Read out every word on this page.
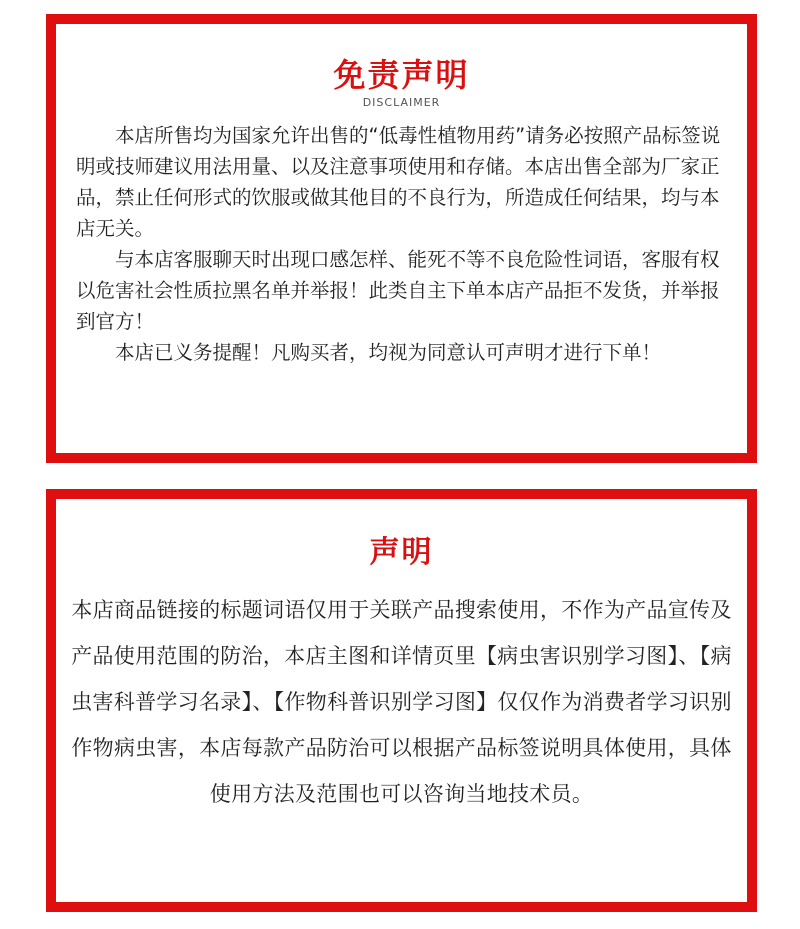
免责声明
DISCLAIMER

本店所售均为国家允许出售的“低毒性植物用药”请务必按照产品标签说明或技师建议用法用量、以及注意事项使用和存储。本店出售全部为厂家正品，禁止任何形式的饮服或做其他目的不良行为，所造成任何结果，均与本店无关。

与本店客服聊天时出现口感怎样、能死不等不良危险性词语，客服有权以危害社会性质拉黑名单并举报！此类自主下单本店产品拒不发货，并举报到官方！

本店已义务提醒！凡购买者，均视为同意认可声明才进行下单！

声明

本店商品链接的标题词语仅用于关联产品搜索使用，不作为产品宣传及产品使用范围的防治，本店主图和详情页里【病虫害识别学习图】、【病虫害科普学习名录】、【作物科普识别学习图】仅仅作为消费者学习识别作物病虫害，本店每款产品防治可以根据产品标签说明具体使用，具体使用方法及范围也可以咨询当地技术员。
